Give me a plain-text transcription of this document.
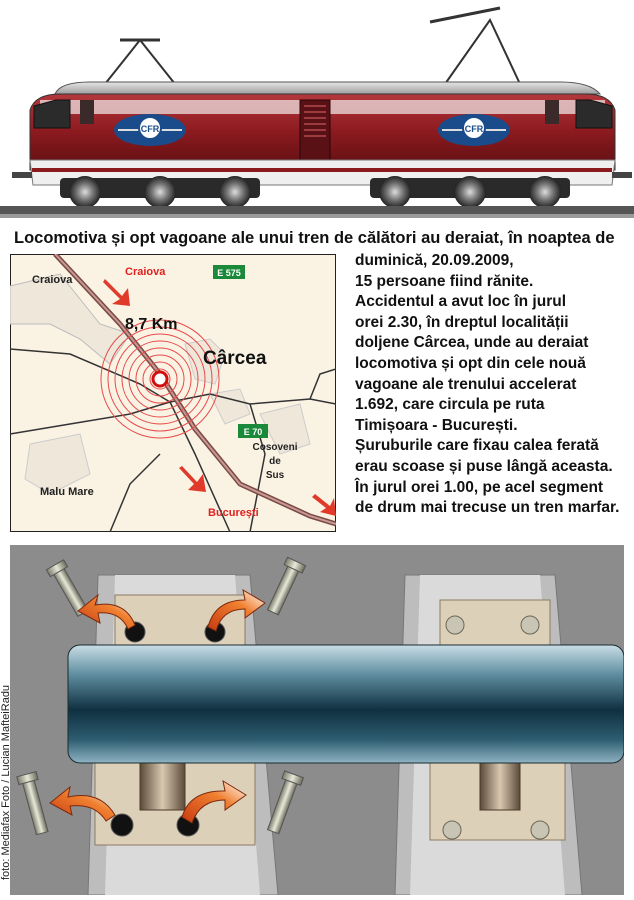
CFR	CFR
Locomotiva și opt vagoane ale unui tren de călători au deraiat, în noaptea de
Craiova
Craiova	E 575
8,7 Km
Cârcea
E 70
Cosoveni
de
Sus
Malu Mare
București
duminică, 20.09.2009,
15 persoane fiind rănite.
Accidentul a avut loc în jurul
orei 2.30, în dreptul localității
doljene Cârcea, unde au deraiat
locomotiva și opt din cele nouă
vagoane ale trenului accelerat
1.692, care circula pe ruta
Timișoara - București.
Șuruburile care fixau calea ferată
erau scoase și puse lângă aceasta.
În jurul orei 1.00, pe acel segment
de drum mai trecuse un tren marfar.
foto: Mediafax Foto / Lucian MafteiRadu
